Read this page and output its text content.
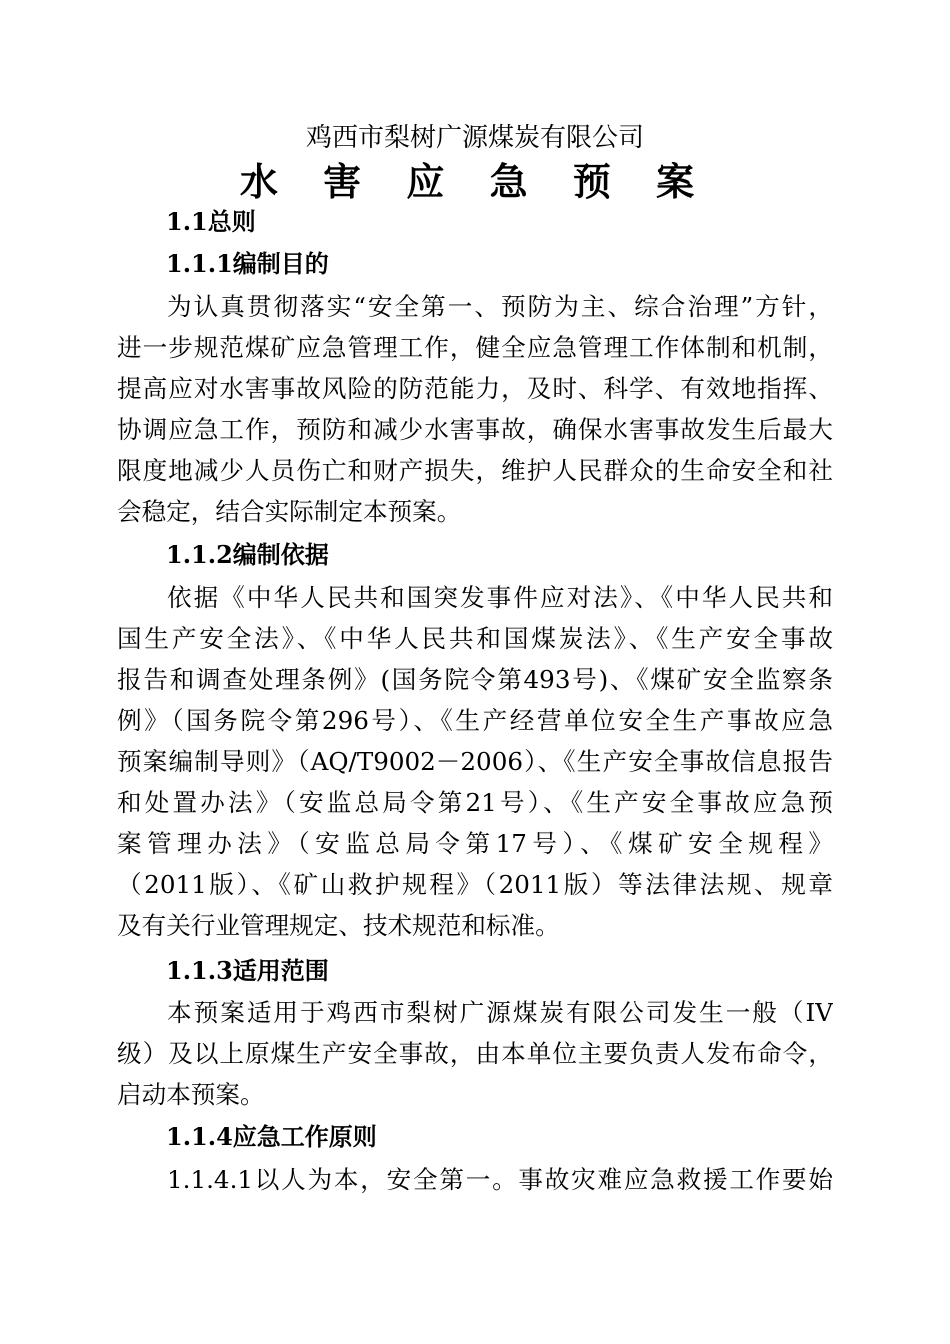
鸡西市梨树广源煤炭有限公司
水 害 应 急 预 案
1.1总则
1.1.1编制目的
为认真贯彻落实“安全第一、预防为主、综合治理”方针，
进一步规范煤矿应急管理工作，健全应急管理工作体制和机制，
提高应对水害事故风险的防范能力，及时、科学、有效地指挥、
协调应急工作，预防和减少水害事故，确保水害事故发生后最大
限度地减少人员伤亡和财产损失，维护人民群众的生命安全和社
会稳定，结合实际制定本预案。
1.1.2编制依据
依据《中华人民共和国突发事件应对法》、《中华人民共和
国生产安全法》、《中华人民共和国煤炭法》、《生产安全事故
报告和调查处理条例》(国务院令第493号)、《煤矿安全监察条
例》（国务院令第296号）、《生产经营单位安全生产事故应急
预案编制导则》（AQ/T9002－2006）、《生产安全事故信息报告
和处置办法》（安监总局令第21号）、《生产安全事故应急预
案管理办法》（安监总局令第17号）、《煤矿安全规程》
（2011版）、《矿山救护规程》（2011版）等法律法规、规章
及有关行业管理规定、技术规范和标准。
1.1.3适用范围
本预案适用于鸡西市梨树广源煤炭有限公司发生一般（IV
级）及以上原煤生产安全事故，由本单位主要负责人发布命令，
启动本预案。
1.1.4应急工作原则
1.1.4.1以人为本，安全第一。事故灾难应急救援工作要始
